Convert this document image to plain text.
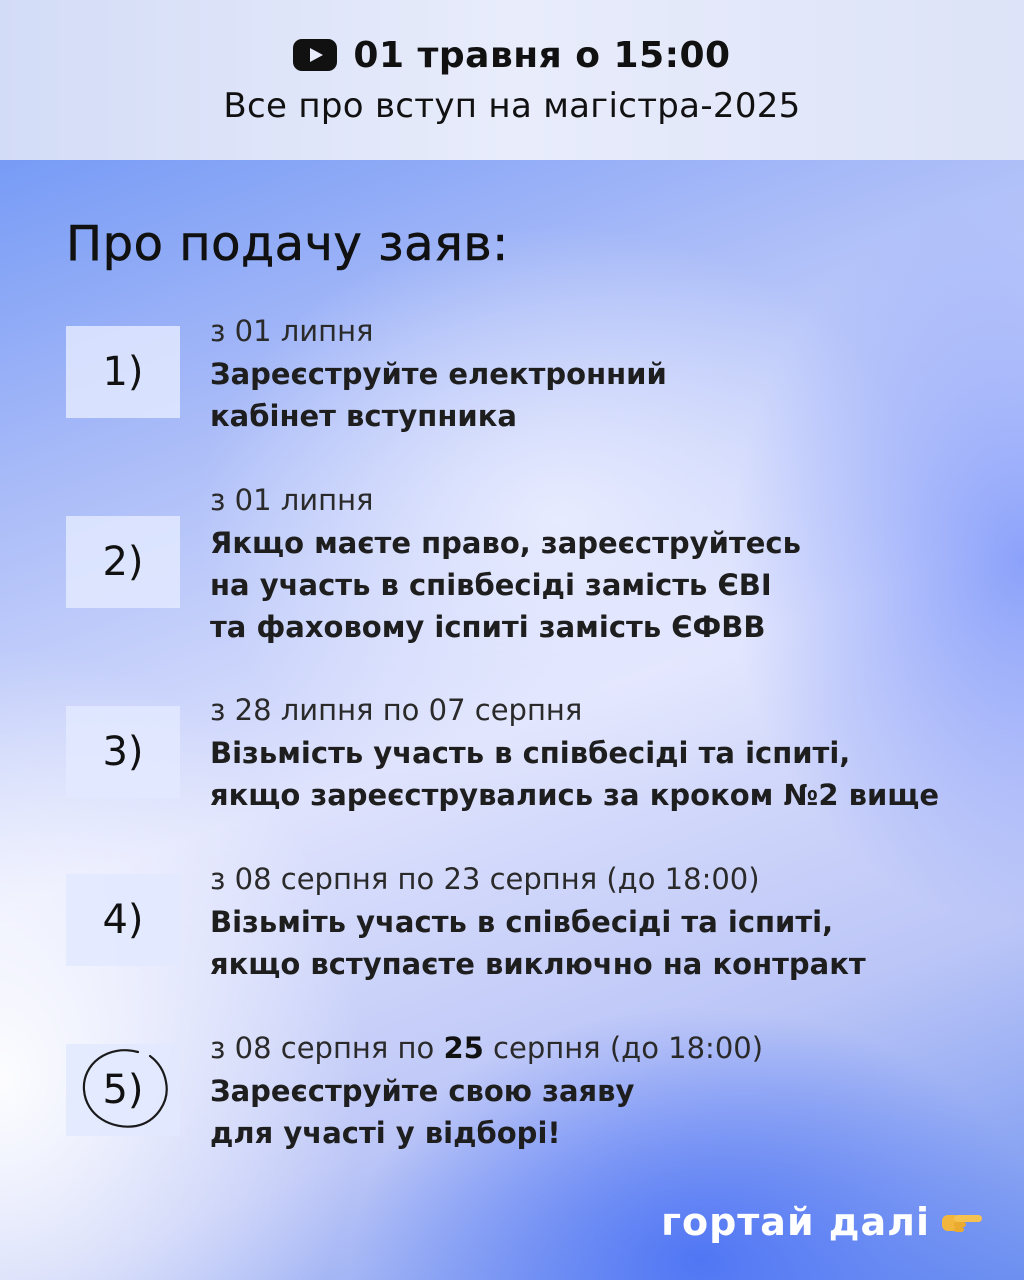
01 травня о 15:00
Все про вступ на магістра-2025
Про подачу заяв:
1)
з 01 липня
Зареєструйте електронний
кабінет вступника
2)
з 01 липня
Якщо маєте право, зареєструйтесь
на участь в співбесіді замість ЄВІ
та фаховому іспиті замість ЄФВВ
3)
з 28 липня по 07 серпня
Візьмість участь в співбесіді та іспиті,
якщо зареєструвались за кроком №2 вище
4)
з 08 серпня по 23 серпня (до 18:00)
Візьміть участь в співбесіді та іспиті,
якщо вступаєте виключно на контракт
5)
з 08 серпня по 25 серпня (до 18:00)
Зареєструйте свою заяву
для участі у відборі!
гортай далі
